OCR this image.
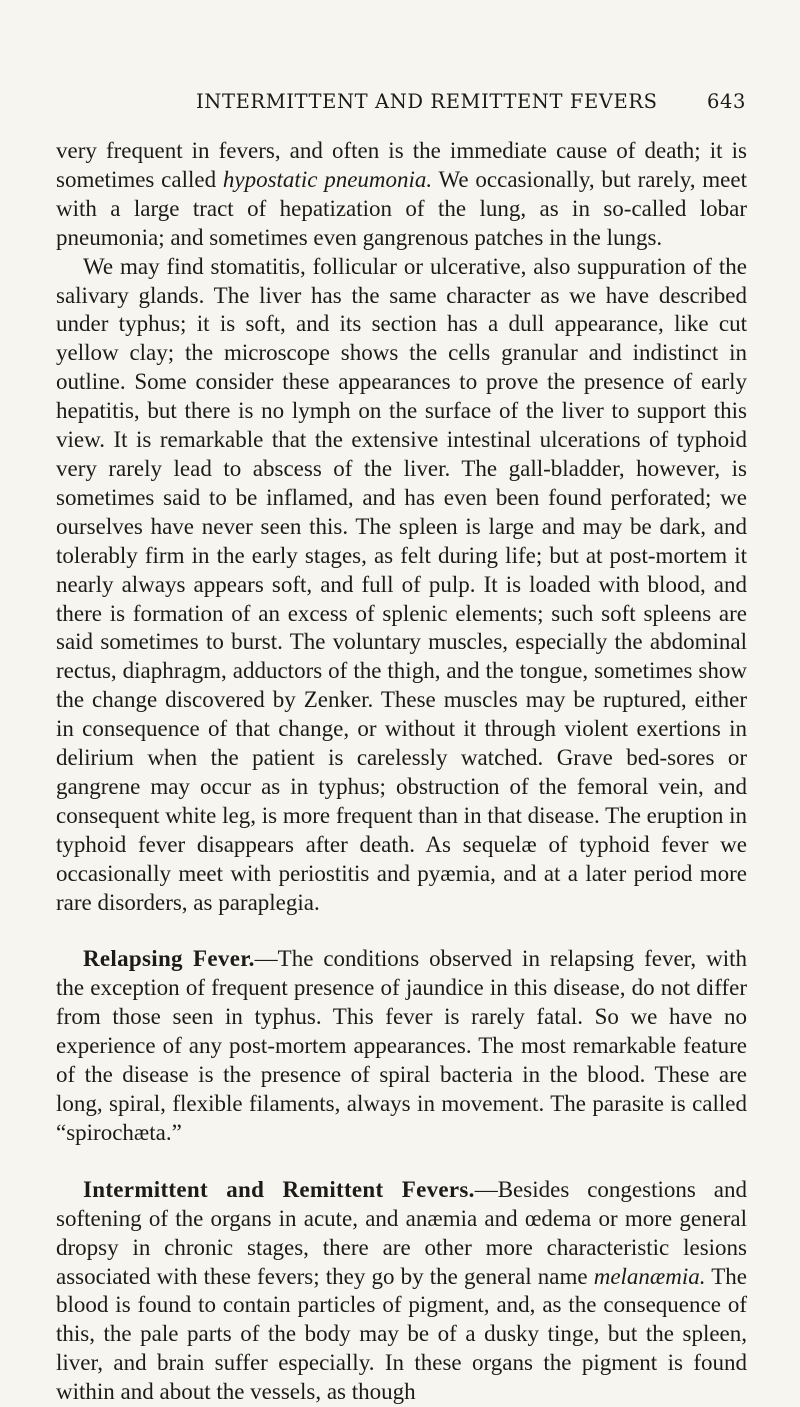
INTERMITTENT AND REMITTENT FEVERS	643

very frequent in fevers, and often is the immediate cause of death; it is sometimes called hypostatic pneumonia. We occasionally, but rarely, meet with a large tract of hepatization of the lung, as in so-called lobar pneumonia; and sometimes even gangrenous patches in the lungs.

We may find stomatitis, follicular or ulcerative, also suppuration of the salivary glands. The liver has the same character as we have described under typhus; it is soft, and its section has a dull appearance, like cut yellow clay; the microscope shows the cells granular and indistinct in outline. Some consider these appearances to prove the presence of early hepatitis, but there is no lymph on the surface of the liver to support this view. It is remarkable that the extensive intestinal ulcerations of typhoid very rarely lead to abscess of the liver. The gall-bladder, however, is sometimes said to be inflamed, and has even been found perforated; we ourselves have never seen this. The spleen is large and may be dark, and tolerably firm in the early stages, as felt during life; but at post-mortem it nearly always appears soft, and full of pulp. It is loaded with blood, and there is formation of an excess of splenic elements; such soft spleens are said sometimes to burst. The voluntary muscles, especially the abdominal rectus, diaphragm, adductors of the thigh, and the tongue, sometimes show the change discovered by Zenker. These muscles may be ruptured, either in consequence of that change, or without it through violent exertions in delirium when the patient is carelessly watched. Grave bed-sores or gangrene may occur as in typhus; obstruction of the femoral vein, and consequent white leg, is more frequent than in that disease. The eruption in typhoid fever disappears after death. As sequelæ of typhoid fever we occasionally meet with periostitis and pyæmia, and at a later period more rare disorders, as paraplegia.

Relapsing Fever.—The conditions observed in relapsing fever, with the exception of frequent presence of jaundice in this disease, do not differ from those seen in typhus. This fever is rarely fatal. So we have no experience of any post-mortem appearances. The most remarkable feature of the disease is the presence of spiral bacteria in the blood. These are long, spiral, flexible filaments, always in movement. The parasite is called “spirochæta.”

Intermittent and Remittent Fevers.—Besides congestions and softening of the organs in acute, and anæmia and œdema or more general dropsy in chronic stages, there are other more characteristic lesions associated with these fevers; they go by the general name melanæmia. The blood is found to contain particles of pigment, and, as the consequence of this, the pale parts of the body may be of a dusky tinge, but the spleen, liver, and brain suffer especially. In these organs the pigment is found within and about the vessels, as though
